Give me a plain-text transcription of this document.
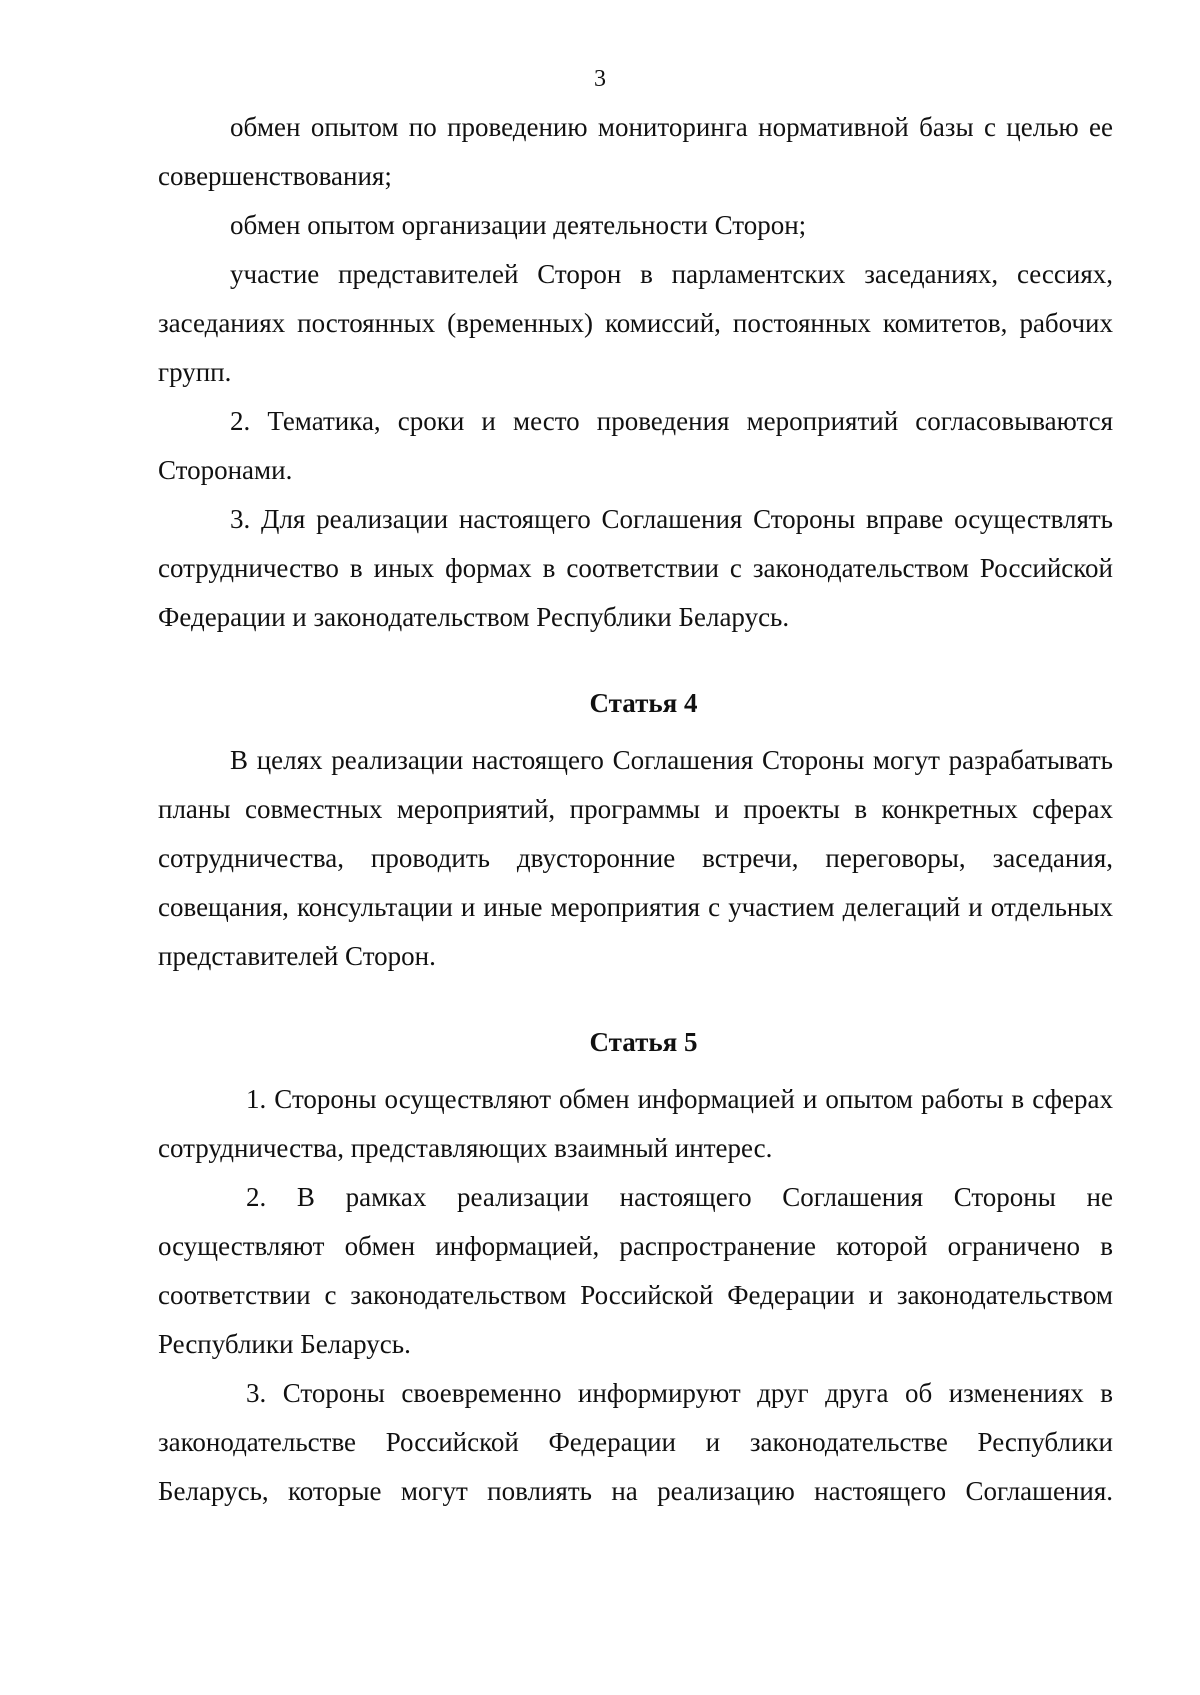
3

обмен опытом по проведению мониторинга нормативной базы с целью ее совершенствования;

обмен опытом организации деятельности Сторон;

участие представителей Сторон в парламентских заседаниях, сессиях, заседаниях постоянных (временных) комиссий, постоянных комитетов, рабочих групп.

2. Тематика, сроки и место проведения мероприятий согласовываются Сторонами.

3. Для реализации настоящего Соглашения Стороны вправе осуществлять сотрудничество в иных формах в соответствии с законодательством Российской Федерации и законодательством Республики Беларусь.

Статья 4

В целях реализации настоящего Соглашения Стороны могут разрабатывать планы совместных мероприятий, программы и проекты в конкретных сферах сотрудничества, проводить двусторонние встречи, переговоры, заседания, совещания, консультации и иные мероприятия с участием делегаций и отдельных представителей Сторон.

Статья 5

1. Стороны осуществляют обмен информацией и опытом работы в сферах сотрудничества, представляющих взаимный интерес.

2. В рамках реализации настоящего Соглашения Стороны не осуществляют обмен информацией, распространение которой ограничено в соответствии с законодательством Российской Федерации и законодательством Республики Беларусь.

3. Стороны своевременно информируют друг друга об изменениях в законодательстве Российской Федерации и законодательстве Республики Беларусь, которые могут повлиять на реализацию настоящего Соглашения.
